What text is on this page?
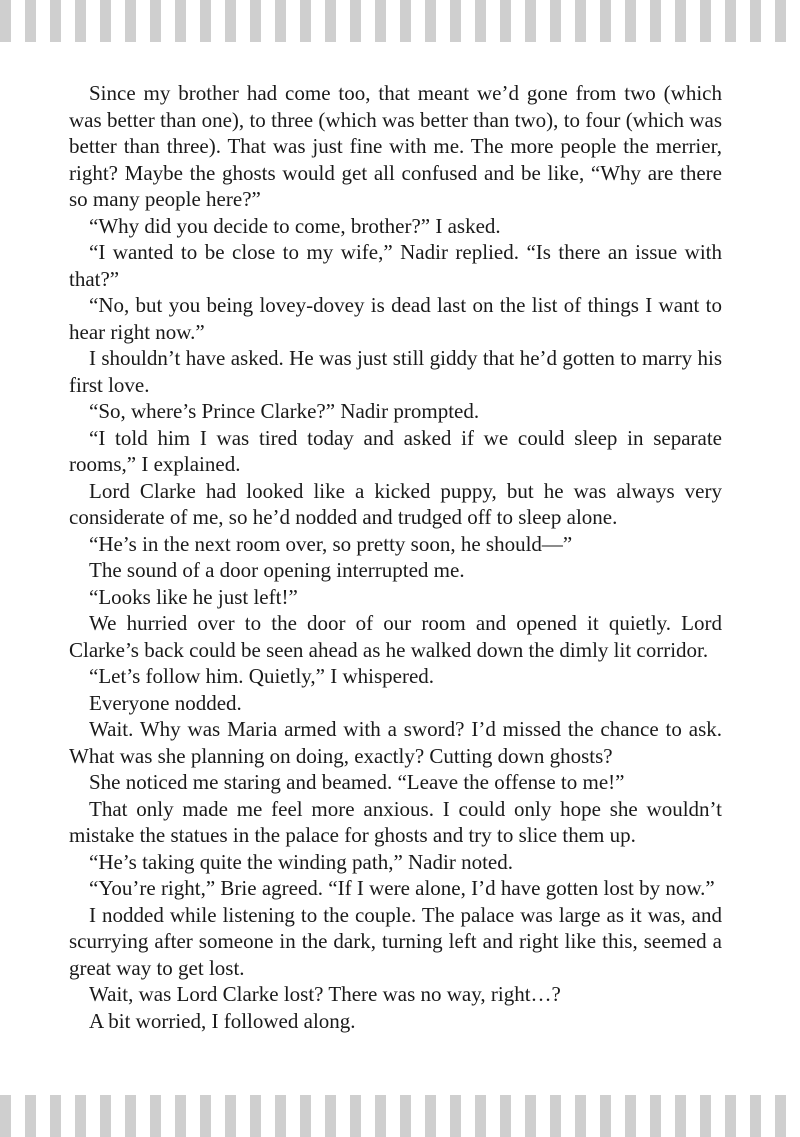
Since my brother had come too, that meant we’d gone from two (which was better than one), to three (which was better than two), to four (which was better than three). That was just fine with me. The more people the merrier, right? Maybe the ghosts would get all confused and be like, “Why are there so many people here?”

“Why did you decide to come, brother?” I asked.

“I wanted to be close to my wife,” Nadir replied. “Is there an issue with that?”

“No, but you being lovey-dovey is dead last on the list of things I want to hear right now.”

I shouldn’t have asked. He was just still giddy that he’d gotten to marry his first love.

“So, where’s Prince Clarke?” Nadir prompted.

“I told him I was tired today and asked if we could sleep in separate rooms,” I explained.

Lord Clarke had looked like a kicked puppy, but he was always very considerate of me, so he’d nodded and trudged off to sleep alone.

“He’s in the next room over, so pretty soon, he should—”

The sound of a door opening interrupted me.

“Looks like he just left!”

We hurried over to the door of our room and opened it quietly. Lord Clarke’s back could be seen ahead as he walked down the dimly lit corridor.

“Let’s follow him. Quietly,” I whispered.

Everyone nodded.

Wait. Why was Maria armed with a sword? I’d missed the chance to ask. What was she planning on doing, exactly? Cutting down ghosts?

She noticed me staring and beamed. “Leave the offense to me!”

That only made me feel more anxious. I could only hope she wouldn’t mistake the statues in the palace for ghosts and try to slice them up.

“He’s taking quite the winding path,” Nadir noted.

“You’re right,” Brie agreed. “If I were alone, I’d have gotten lost by now.”

I nodded while listening to the couple. The palace was large as it was, and scurrying after someone in the dark, turning left and right like this, seemed a great way to get lost.

Wait, was Lord Clarke lost? There was no way, right…?

A bit worried, I followed along.
